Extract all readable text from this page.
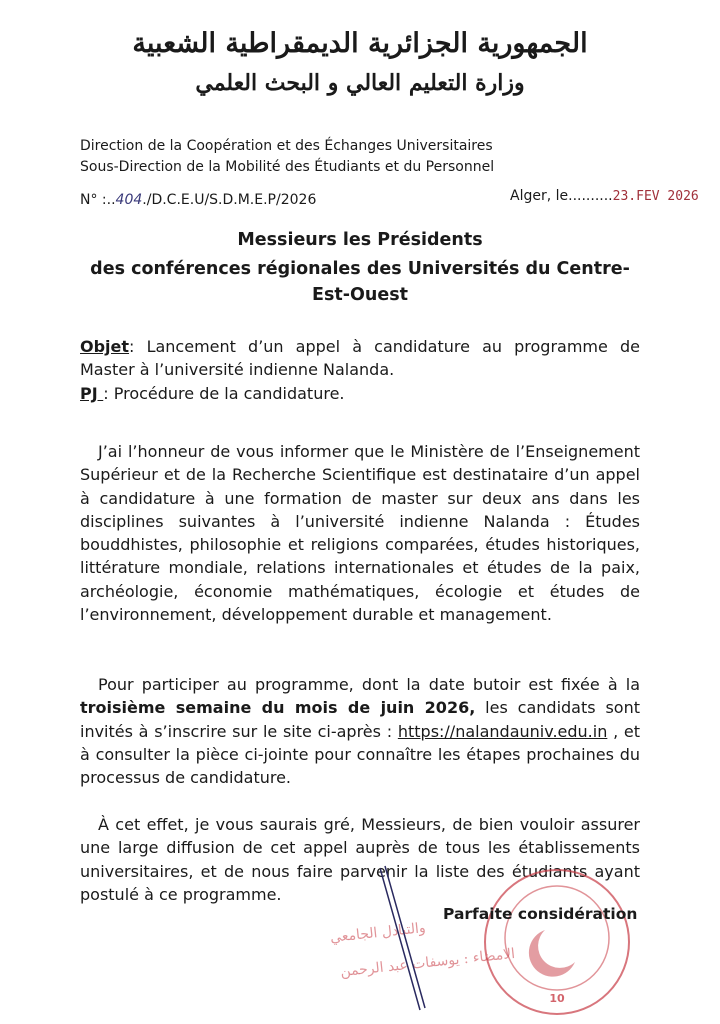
الجمهورية الجزائرية الديمقراطية الشعبية
وزارة التعليم العالي و البحث العلمي
Direction de la Coopération et des Échanges Universitaires
Sous-Direction de la Mobilité des Étudiants et du Personnel
N° :..404./D.C.E.U/S.D.M.E.P/2026	Alger, le..........23.FEV 2026
Messieurs les Présidents
des conférences régionales des Universités du Centre-Est-Ouest
Objet: Lancement d’un appel à candidature au programme de Master à l’université indienne Nalanda.
PJ : Procédure de la candidature.

J’ai l’honneur de vous informer que le Ministère de l’Enseignement Supérieur et de la Recherche Scientifique est destinataire d’un appel à candidature à une formation de master sur deux ans dans les disciplines suivantes à l’université indienne Nalanda : Études bouddhistes, philosophie et religions comparées, études historiques, littérature mondiale, relations internationales et études de la paix, archéologie, économie mathématiques, écologie et études de l’environnement, développement durable et management.

Pour participer au programme, dont la date butoir est fixée à la troisième semaine du mois de juin 2026, les candidats sont invités à s’inscrire sur le site ci-après : https://nalandauniv.edu.in , et à consulter la pièce ci-jointe pour connaître les étapes prochaines du processus de candidature.

À cet effet, je vous saurais gré, Messieurs, de bien vouloir assurer une large diffusion de cet appel auprès de tous les établissements universitaires, et de nous faire parvenir la liste des étudiants ayant postulé à ce programme.

Parfaite considération
والتبادل الجامعي
الامضاء : يوسفات عبد الرحمن
10
